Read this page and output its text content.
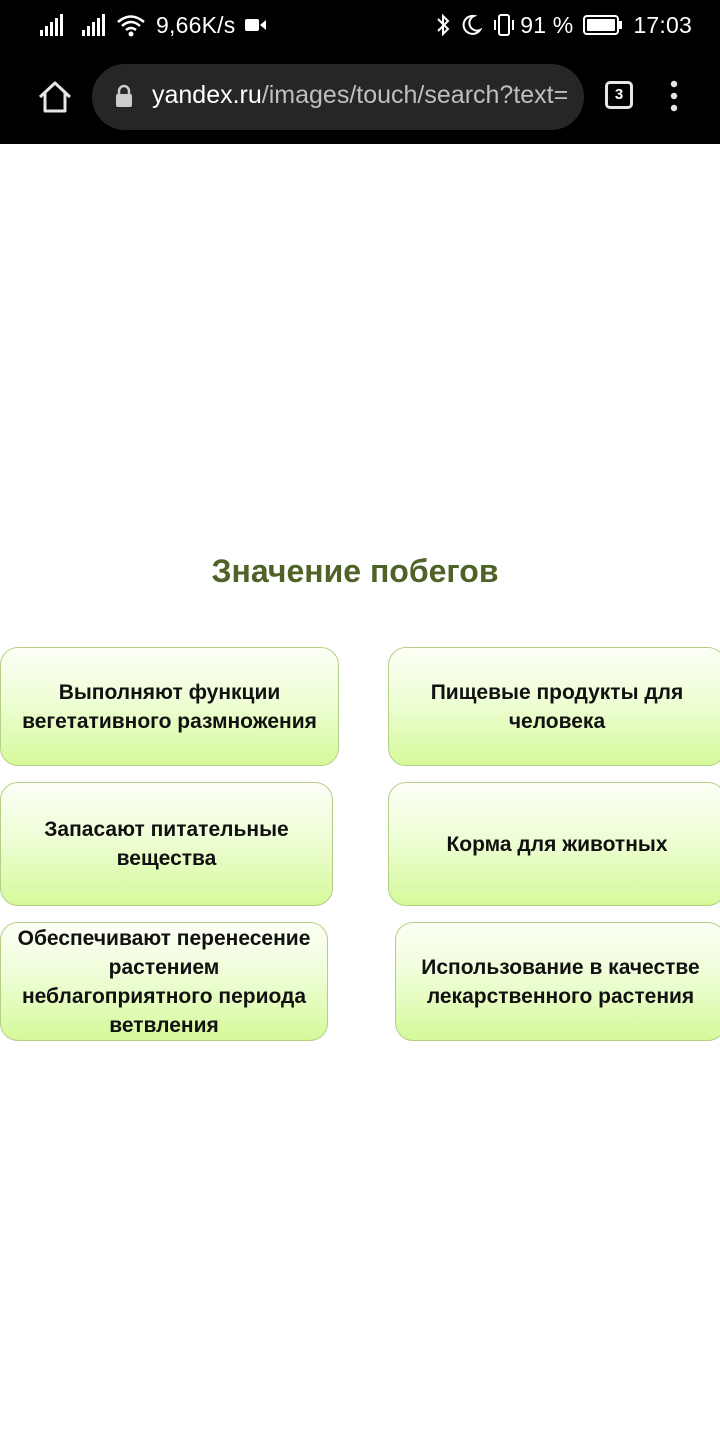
9,66K/s	91 %	17:03
yandex.ru/images/touch/search?text=	3
Значение побегов
Выполняют функции вегетативного размножения
Пищевые продукты для человека
Запасают питательные вещества
Корма для животных
Обеспечивают перенесение растением неблагоприятного периода ветвления
Использование в качестве лекарственного растения
